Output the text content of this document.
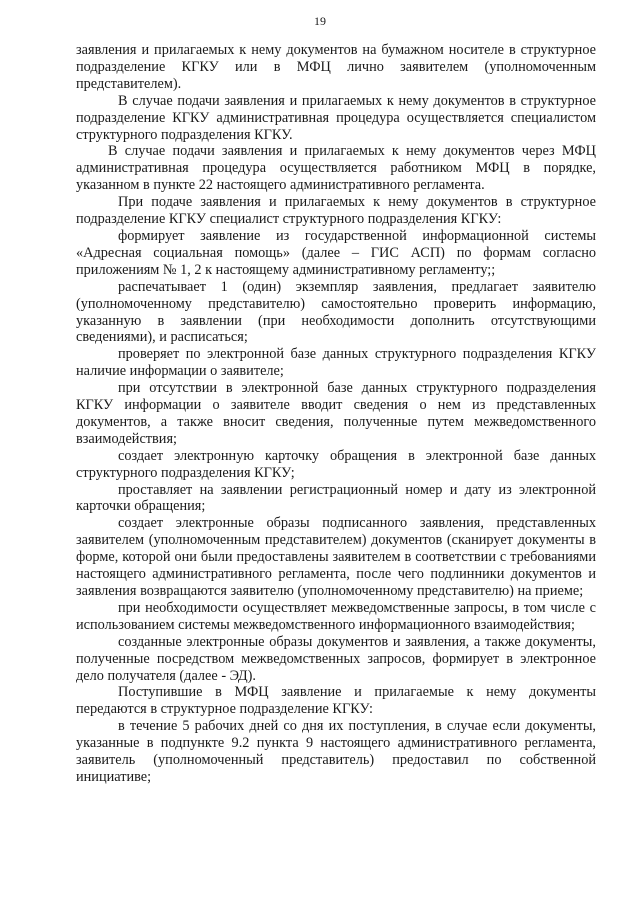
19

заявления и прилагаемых к нему документов на бумажном носителе в структурное подразделение КГКУ или в МФЦ лично заявителем (уполномоченным представителем).

В случае подачи заявления и прилагаемых к нему документов в структурное подразделение КГКУ административная процедура осуществляется специалистом структурного подразделения КГКУ.

В случае подачи заявления и прилагаемых к нему документов через МФЦ административная процедура осуществляется работником МФЦ в порядке, указанном в пункте 22 настоящего административного регламента.

При подаче заявления и прилагаемых к нему документов в структурное подразделение КГКУ специалист структурного подразделения КГКУ:

формирует заявление из государственной информационной системы «Адресная социальная помощь» (далее – ГИС АСП) по формам согласно приложениям № 1, 2 к настоящему административному регламенту;;

распечатывает 1 (один) экземпляр заявления, предлагает заявителю (уполномоченному представителю) самостоятельно проверить информацию, указанную в заявлении (при необходимости дополнить отсутствующими сведениями), и расписаться;

проверяет по электронной базе данных структурного подразделения КГКУ наличие информации о заявителе;

при отсутствии в электронной базе данных структурного подразделения КГКУ информации о заявителе вводит сведения о нем из представленных документов, а также вносит сведения, полученные путем межведомственного взаимодействия;

создает электронную карточку обращения в электронной базе данных структурного подразделения КГКУ;

проставляет на заявлении регистрационный номер и дату из электронной карточки обращения;

создает электронные образы подписанного заявления, представленных заявителем (уполномоченным представителем) документов (сканирует документы в форме, которой они были предоставлены заявителем в соответствии с требованиями настоящего административного регламента, после чего подлинники документов и заявления возвращаются заявителю (уполномоченному представителю) на приеме;

при необходимости осуществляет межведомственные запросы, в том числе с использованием системы межведомственного информационного взаимодействия;

созданные электронные образы документов и заявления, а также документы, полученные посредством межведомственных запросов, формирует в электронное дело получателя (далее - ЭД).

Поступившие в МФЦ заявление и прилагаемые к нему документы передаются в структурное подразделение КГКУ:

в течение 5 рабочих дней со дня их поступления, в случае если документы, указанные в подпункте 9.2 пункта 9 настоящего административного регламента, заявитель (уполномоченный представитель) предоставил по собственной инициативе;
